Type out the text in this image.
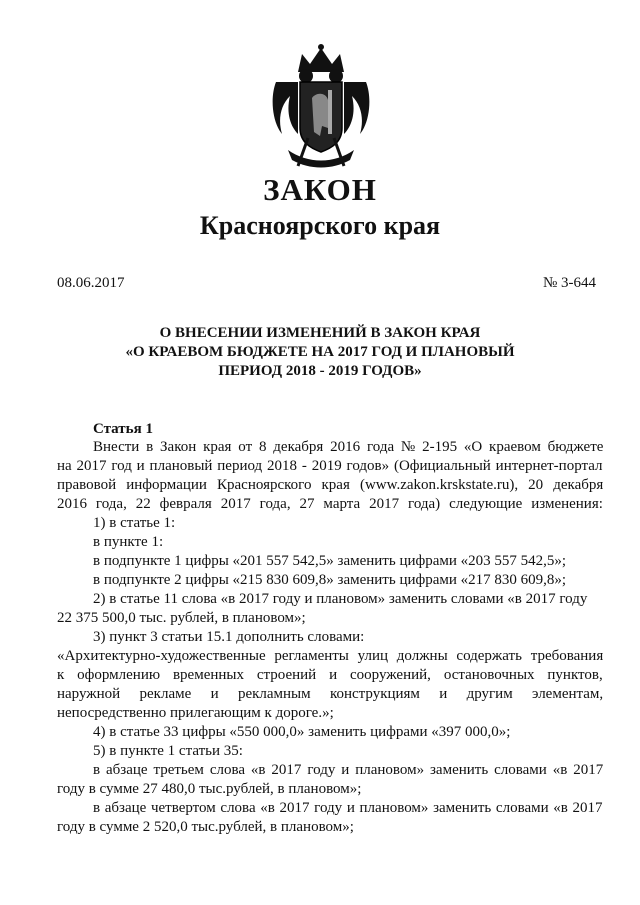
ЗАКОН
Красноярского края
08.06.2017	№ 3-644
О ВНЕСЕНИИ ИЗМЕНЕНИЙ В ЗАКОН КРАЯ
«О КРАЕВОМ БЮДЖЕТЕ НА 2017 ГОД И ПЛАНОВЫЙ
ПЕРИОД 2018 - 2019 ГОДОВ»
Статья 1
Внести в Закон края от 8 декабря 2016 года № 2-195 «О краевом бюджете
на 2017 год и плановый период 2018 - 2019 годов» (Официальный интернет-портал
правовой информации Красноярского края (www.zakon.krskstate.ru), 20 декабря
2016 года, 22 февраля 2017 года, 27 марта 2017 года) следующие изменения:
1) в статье 1:
в пункте 1:
в подпункте 1 цифры «201 557 542,5» заменить цифрами «203 557 542,5»;
в подпункте 2 цифры «215 830 609,8» заменить цифрами «217 830 609,8»;
2) в статье 11 слова «в 2017 году и плановом» заменить словами «в 2017 году
22 375 500,0 тыс. рублей, в плановом»;
3) пункт 3 статьи 15.1 дополнить словами:
«Архитектурно-художественные регламенты улиц должны содержать требования
к оформлению временных строений и сооружений, остановочных пунктов,
наружной рекламе и рекламным конструкциям и другим элементам,
непосредственно прилегающим к дороге.»;
4) в статье 33 цифры «550 000,0» заменить цифрами «397 000,0»;
5) в пункте 1 статьи 35:
в абзаце третьем слова «в 2017 году и плановом» заменить словами «в 2017
году в сумме 27 480,0 тыс.рублей, в плановом»;
в абзаце четвертом слова «в 2017 году и плановом» заменить словами «в 2017
году в сумме 2 520,0 тыс.рублей, в плановом»;
